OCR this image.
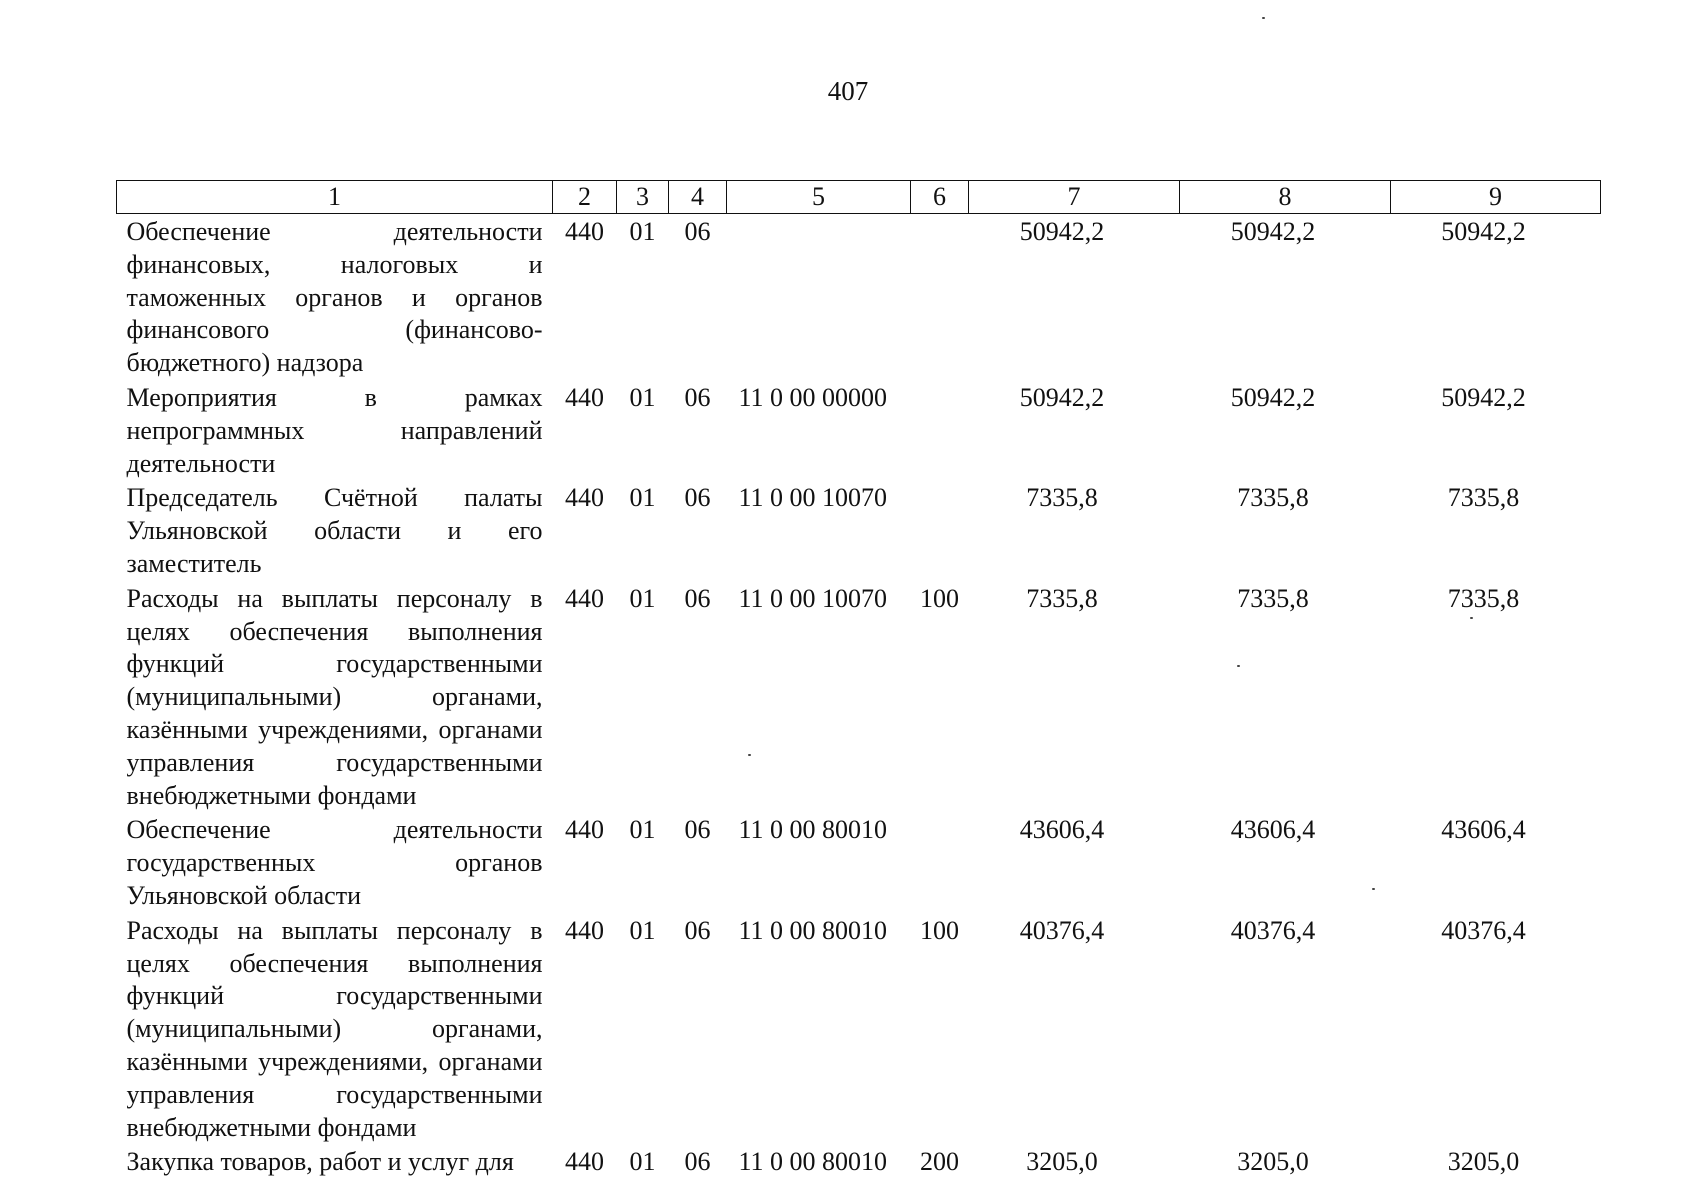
407
1	2	3	4	5	6	7	8	9
Обеспечение деятельности финансовых, налоговых и таможенных органов и органов финансового (финансово-бюджетного) надзора	440	01	06			50942,2	50942,2	50942,2
Мероприятия в рамках непрограммных направлений деятельности	440	01	06	11 0 00 00000		50942,2	50942,2	50942,2
Председатель Счётной палаты Ульяновской области и его заместитель	440	01	06	11 0 00 10070		7335,8	7335,8	7335,8
Расходы на выплаты персоналу в целях обеспечения выполнения функций государственными (муниципальными) органами, казёнными учреждениями, органами управления государственными внебюджетными фондами	440	01	06	11 0 00 10070	100	7335,8	7335,8	7335,8
Обеспечение деятельности государственных органов Ульяновской области	440	01	06	11 0 00 80010		43606,4	43606,4	43606,4
Расходы на выплаты персоналу в целях обеспечения выполнения функций государственными (муниципальными) органами, казёнными учреждениями, органами управления государственными внебюджетными фондами	440	01	06	11 0 00 80010	100	40376,4	40376,4	40376,4
Закупка товаров, работ и услуг для	440	01	06	11 0 00 80010	200	3205,0	3205,0	3205,0
